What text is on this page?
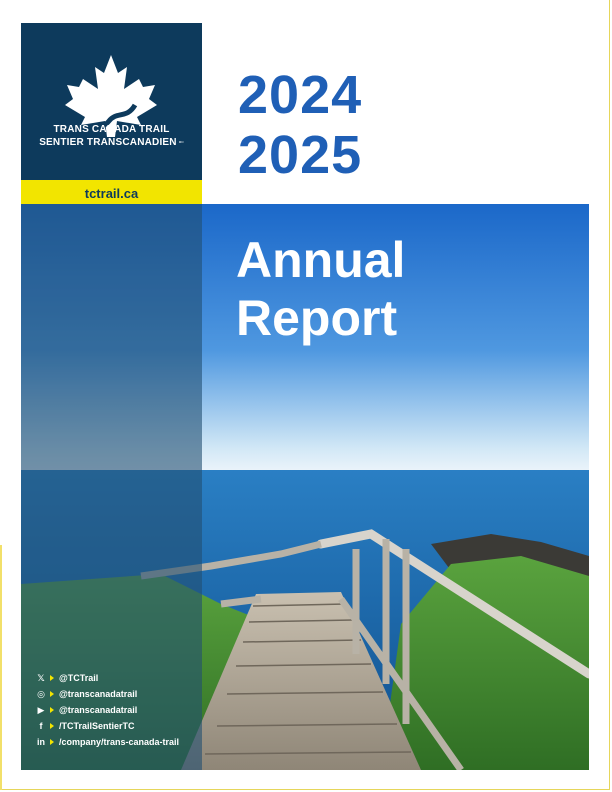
TRANS CANADA TRAIL
SENTIER TRANSCANADIEN MD
tctrail.ca
2024
2025
Annual
Report
𝕏 @TCTrail
◎ @transcanadatrail
▶ @transcanadatrail
f	/TCTrailSentierTC
in /company/trans-canada-trail
